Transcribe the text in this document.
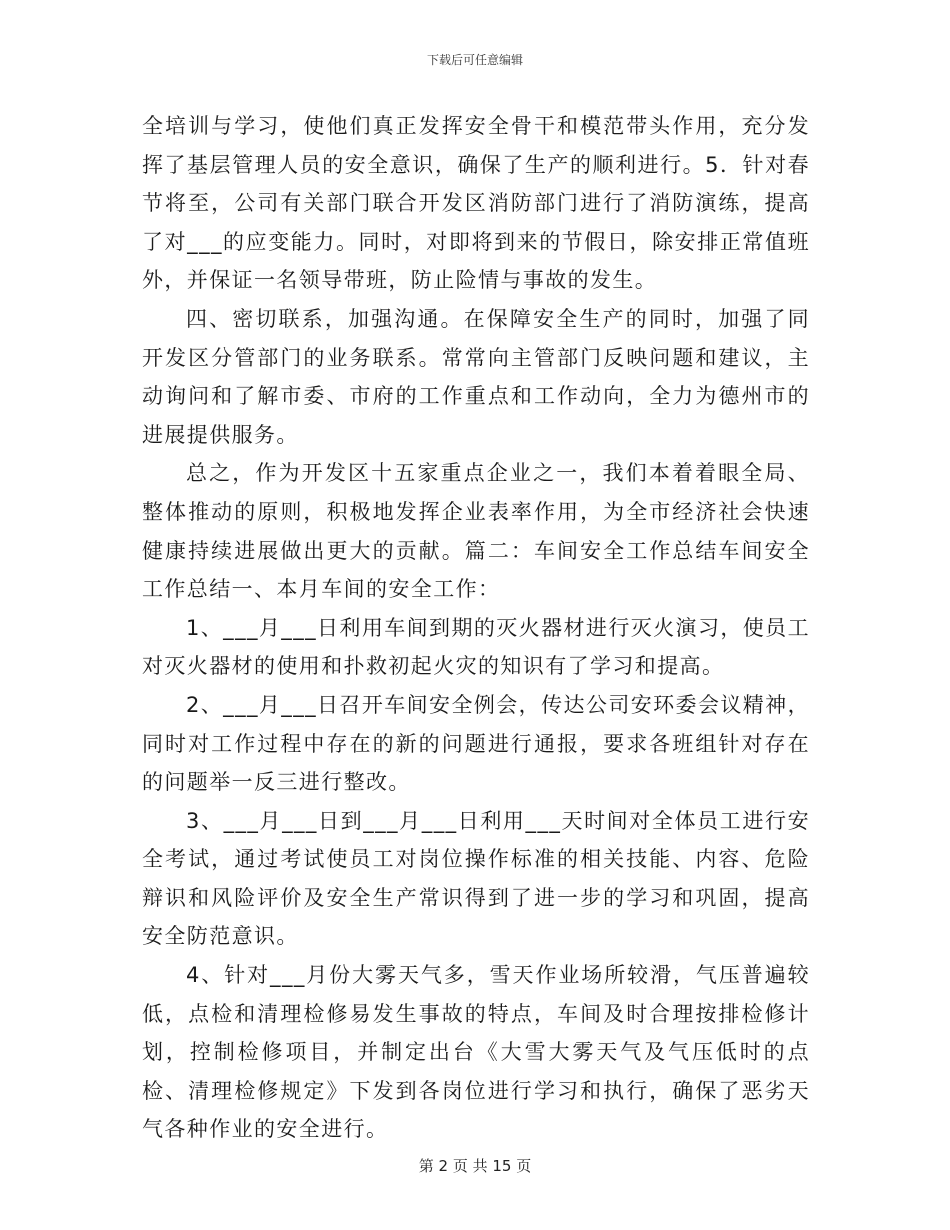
下载后可任意编辑

全培训与学习，使他们真正发挥安全骨干和模范带头作用，充分发挥了基层管理人员的安全意识，确保了生产的顺利进行。5．针对春节将至，公司有关部门联合开发区消防部门进行了消防演练，提高了对___的应变能力。同时，对即将到来的节假日，除安排正常值班外，并保证一名领导带班，防止险情与事故的发生。

四、密切联系，加强沟通。在保障安全生产的同时，加强了同开发区分管部门的业务联系。常常向主管部门反映问题和建议，主动询问和了解市委、市府的工作重点和工作动向，全力为德州市的进展提供服务。

总之，作为开发区十五家重点企业之一，我们本着着眼全局、整体推动的原则，积极地发挥企业表率作用，为全市经济社会快速健康持续进展做出更大的贡献。篇二：车间安全工作总结车间安全工作总结一、本月车间的安全工作：

1、___月___日利用车间到期的灭火器材进行灭火演习，使员工对灭火器材的使用和扑救初起火灾的知识有了学习和提高。

2、___月___日召开车间安全例会，传达公司安环委会议精神，同时对工作过程中存在的新的问题进行通报，要求各班组针对存在的问题举一反三进行整改。

3、___月___日到___月___日利用___天时间对全体员工进行安全考试，通过考试使员工对岗位操作标准的相关技能、内容、危险辩识和风险评价及安全生产常识得到了进一步的学习和巩固，提高安全防范意识。

4、针对___月份大雾天气多，雪天作业场所较滑，气压普遍较低，点检和清理检修易发生事故的特点，车间及时合理按排检修计划，控制检修项目，并制定出台《大雪大雾天气及气压低时的点检、清理检修规定》下发到各岗位进行学习和执行，确保了恶劣天气各种作业的安全进行。

第 2 页 共 15 页
